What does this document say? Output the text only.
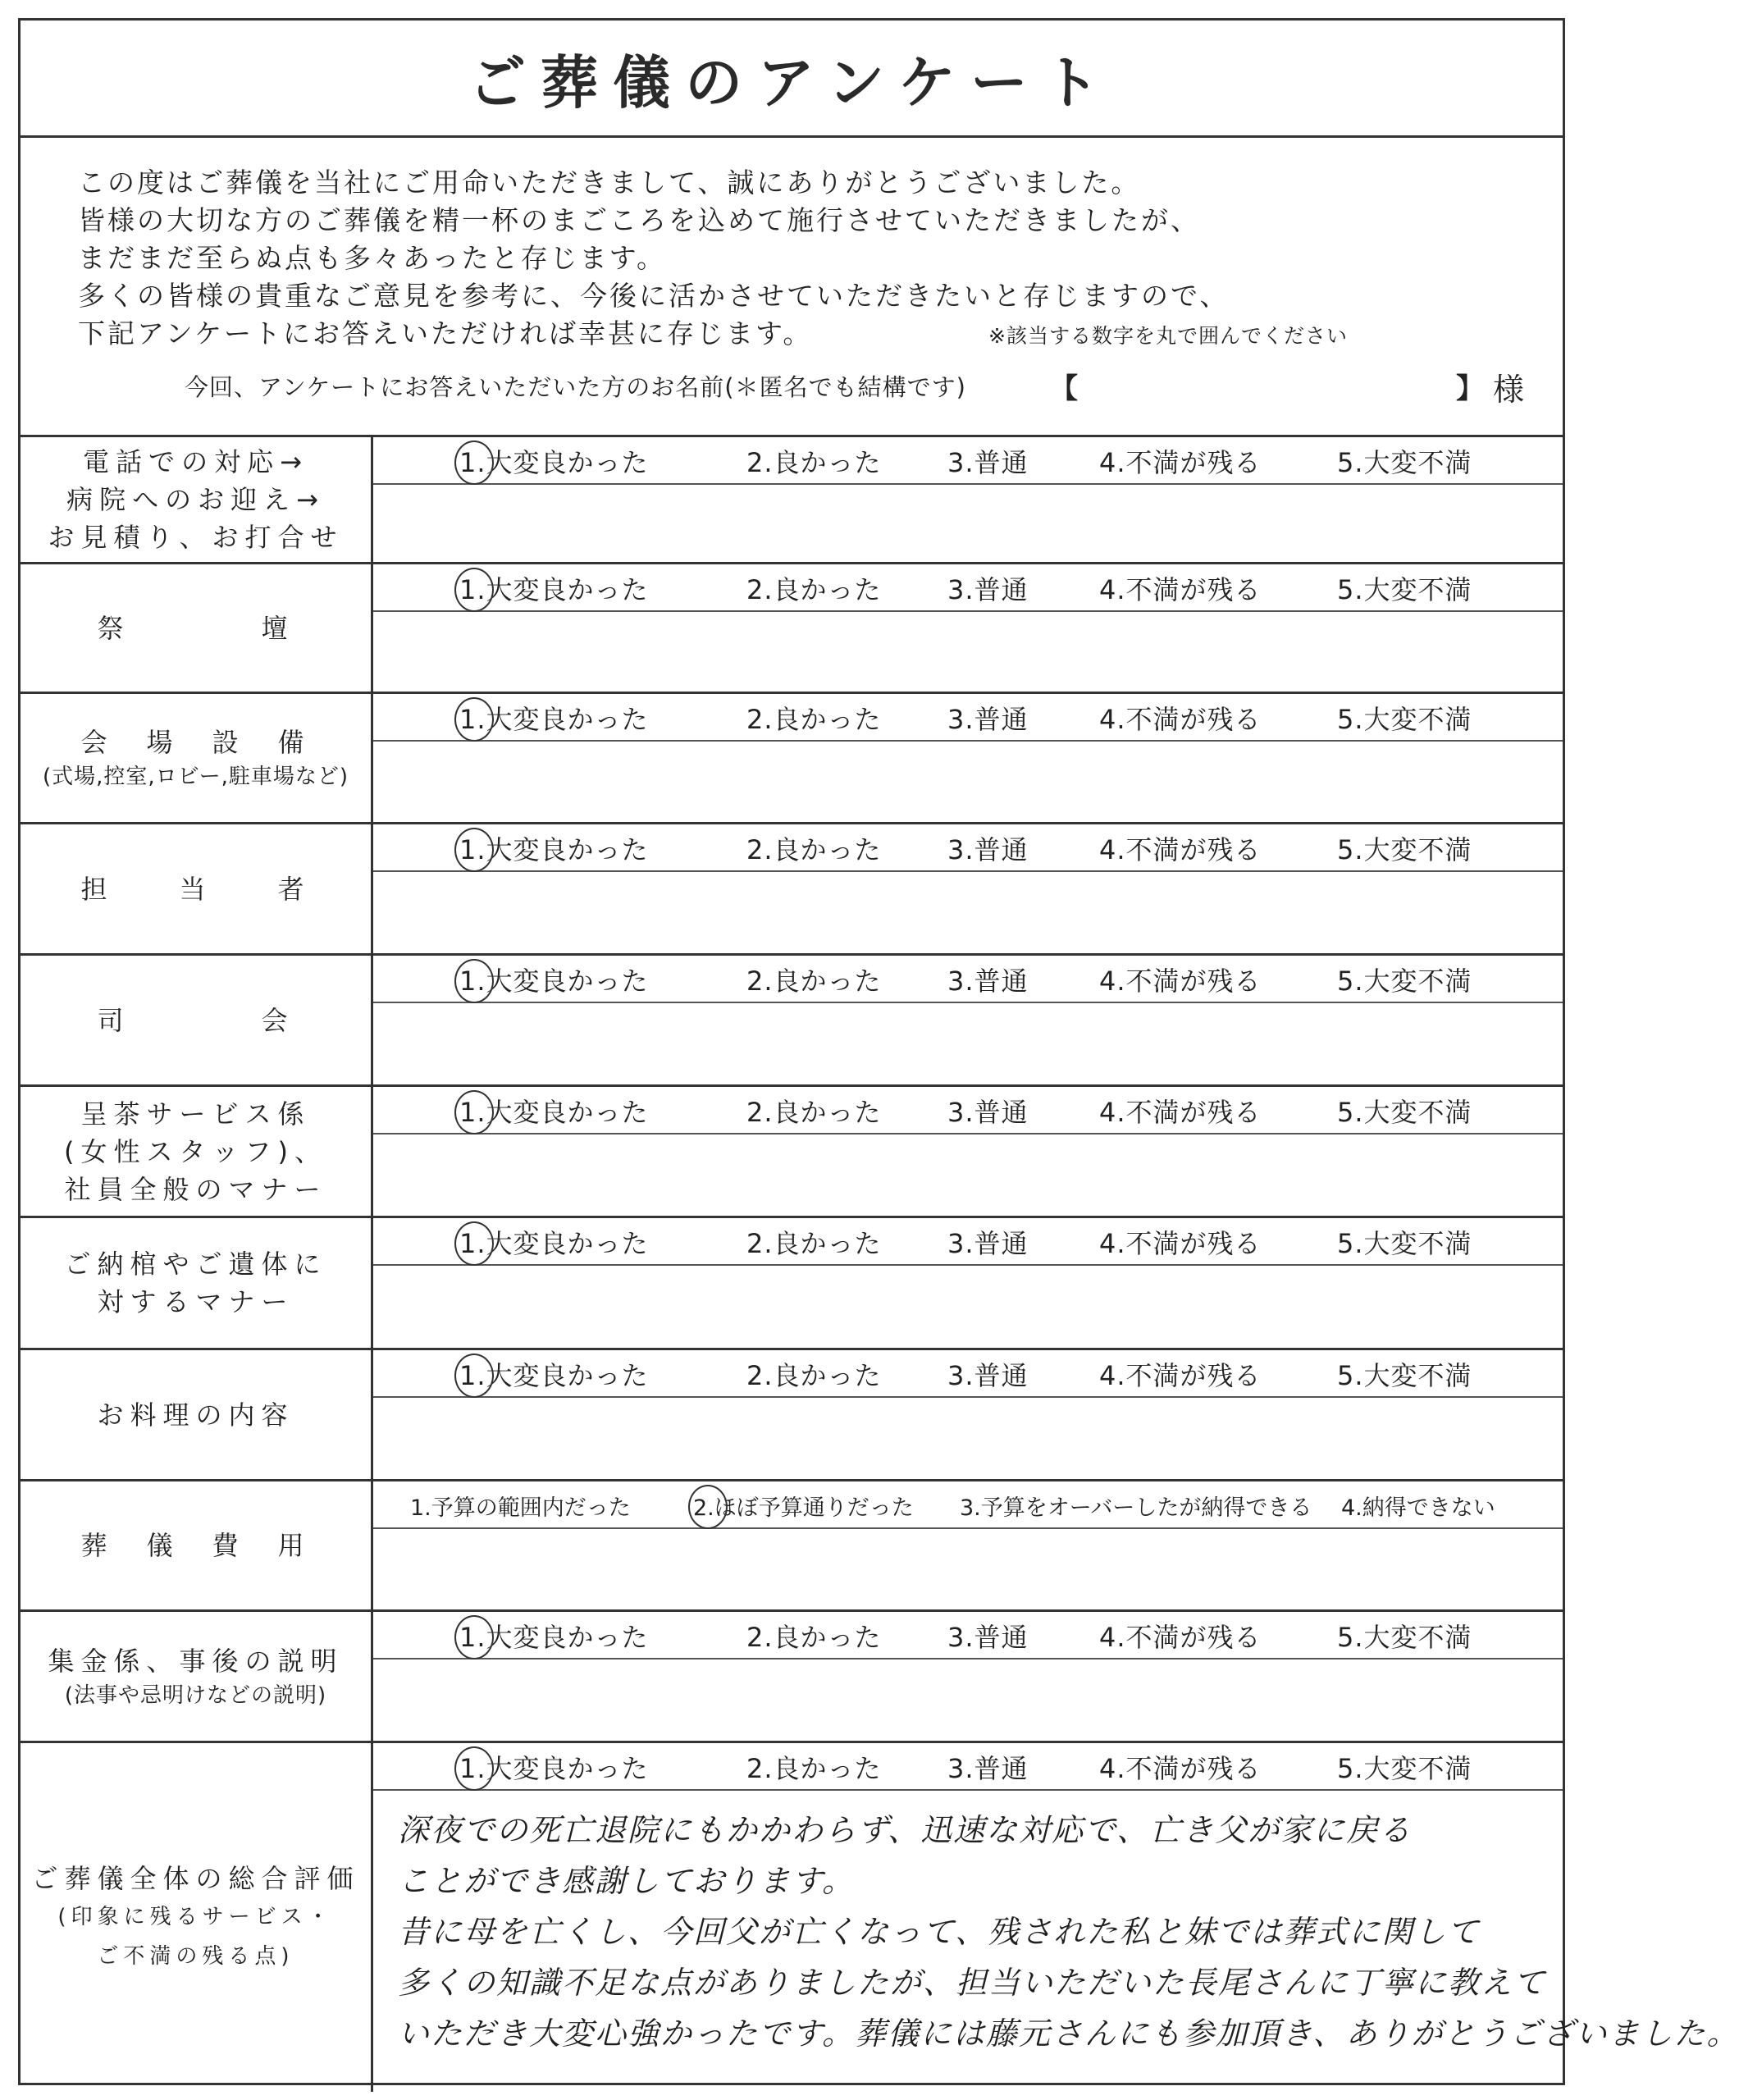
ご葬儀のアンケート
この度はご葬儀を当社にご用命いただきまして、誠にありがとうございました。
皆様の大切な方のご葬儀を精一杯のまごころを込めて施行させていただきましたが、
まだまだ至らぬ点も多々あったと存じます。
多くの皆様の貴重なご意見を参考に、今後に活かさせていただきたいと存じますので、
下記アンケートにお答えいただければ幸甚に存じます。	※該当する数字を丸で囲んでください
今回、アンケートにお答えいただいた方のお名前(＊匿名でも結構です)	【	】 様
電話での対応→
病院へのお迎え→
お見積り、お打合せ
1.大変良かった	2.良かった	3.普通	4.不満が残る	5.大変不満
祭　　　　壇
1.大変良かった	2.良かった	3.普通	4.不満が残る	5.大変不満
会　場　設　備
(式場,控室,ロビー,駐車場など)
1.大変良かった	2.良かった	3.普通	4.不満が残る	5.大変不満
担　　当　　者
1.大変良かった	2.良かった	3.普通	4.不満が残る	5.大変不満
司　　　　会
1.大変良かった	2.良かった	3.普通	4.不満が残る	5.大変不満
呈茶サービス係
(女性スタッフ)、
社員全般のマナー
1.大変良かった	2.良かった	3.普通	4.不満が残る	5.大変不満
ご納棺やご遺体に
対するマナー
1.大変良かった	2.良かった	3.普通	4.不満が残る	5.大変不満
お料理の内容
1.大変良かった	2.良かった	3.普通	4.不満が残る	5.大変不満
葬　儀　費　用
1.予算の範囲内だった	2.ほぼ予算通りだった 3.予算をオーバーしたが納得できる 4.納得できない
集金係、事後の説明
(法事や忌明けなどの説明)
1.大変良かった	2.良かった	3.普通	4.不満が残る	5.大変不満
ご葬儀全体の総合評価
(印象に残るサービス・
ご不満の残る点)
1.大変良かった	2.良かった	3.普通	4.不満が残る	5.大変不満
深夜での死亡退院にもかかわらず、迅速な対応で、亡き父が家に戻る
ことができ感謝しております。
昔に母を亡くし、今回父が亡くなって、残された私と妹では葬式に関して
多くの知識不足な点がありましたが、担当いただいた長尾さんに丁寧に教えて
いただき大変心強かったです。葬儀には藤元さんにも参加頂き、ありがとうございました。
